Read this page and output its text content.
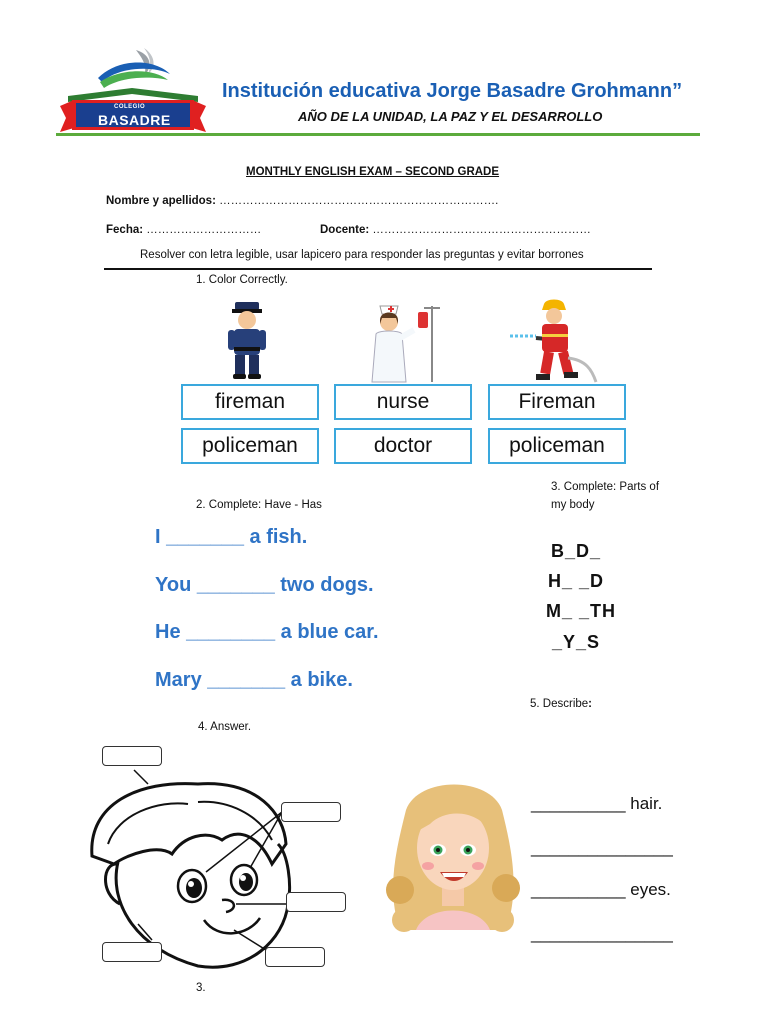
COLEGIO
BASADRE
Institución educativa Jorge Basadre Grohmann”
AÑO DE LA UNIDAD, LA PAZ Y EL DESARROLLO
MONTHLY ENGLISH EXAM – SECOND GRADE
Nombre y apellidos: ……………………………………………………………….
Fecha: …………………………	Docente: …………………………………………………
Resolver con letra legible, usar lapicero para responder las preguntas y evitar borrones
1. Color Correctly.
fireman	nurse	Fireman
policeman	doctor	policeman
2. Complete: Have - Has
I _______ a fish.
You _______ two dogs.
He ________ a blue car.
Mary _______ a bike.
3. Complete: Parts of
my body
B_D_
H_ _D
M_ _TH
_Y_S
4. Answer.
3.
5. Describe:
__________ hair.
_______________
__________ eyes.
_______________
